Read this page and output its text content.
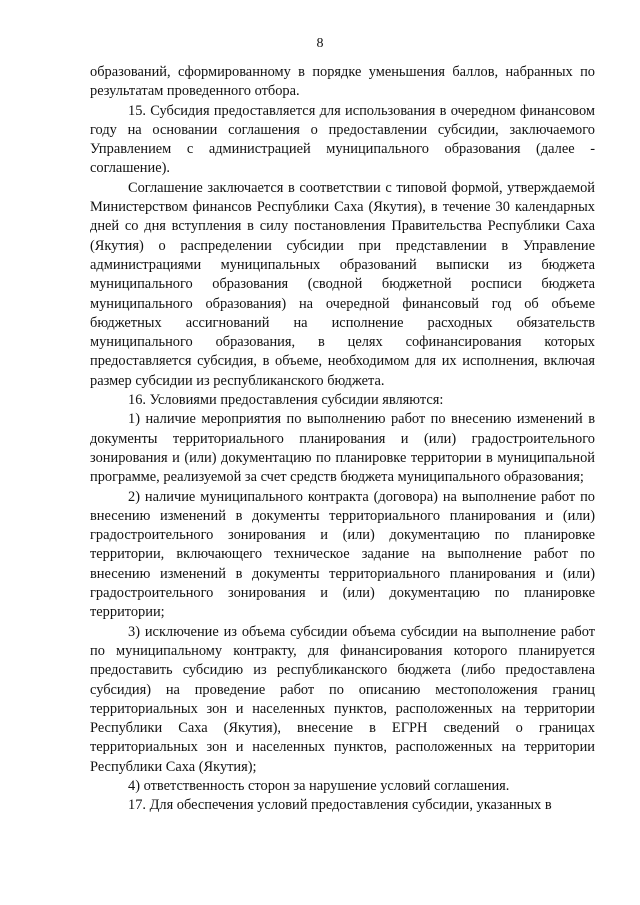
8

образований, сформированному в порядке уменьшения баллов, набранных по результатам проведенного отбора.

15. Субсидия предоставляется для использования в очередном финансовом году на основании соглашения о предоставлении субсидии, заключаемого Управлением с администрацией муниципального образования (далее - соглашение).

Соглашение заключается в соответствии с типовой формой, утверждаемой Министерством финансов Республики Саха (Якутия), в течение 30 календарных дней со дня вступления в силу постановления Правительства Республики Саха (Якутия) о распределении субсидии при представлении в Управление администрациями муниципальных образований выписки из бюджета муниципального образования (сводной бюджетной росписи бюджета муниципального образования) на очередной финансовый год об объеме бюджетных ассигнований на исполнение расходных обязательств муниципального образования, в целях софинансирования которых предоставляется субсидия, в объеме, необходимом для их исполнения, включая размер субсидии из республиканского бюджета.

16. Условиями предоставления субсидии являются:

1) наличие мероприятия по выполнению работ по внесению изменений в документы территориального планирования и (или) градостроительного зонирования и (или) документацию по планировке территории в муниципальной программе, реализуемой за счет средств бюджета муниципального образования;

2) наличие муниципального контракта (договора) на выполнение работ по внесению изменений в документы территориального планирования и (или) градостроительного зонирования и (или) документацию по планировке территории, включающего техническое задание на выполнение работ по внесению изменений в документы территориального планирования и (или) градостроительного зонирования и (или) документацию по планировке территории;

3) исключение из объема субсидии объема субсидии на выполнение работ по муниципальному контракту, для финансирования которого планируется предоставить субсидию из республиканского бюджета (либо предоставлена субсидия) на проведение работ по описанию местоположения границ территориальных зон и населенных пунктов, расположенных на территории Республики Саха (Якутия), внесение в ЕГРН сведений о границах территориальных зон и населенных пунктов, расположенных на территории Республики Саха (Якутия);

4) ответственность сторон за нарушение условий соглашения.

17. Для обеспечения условий предоставления субсидии, указанных в
